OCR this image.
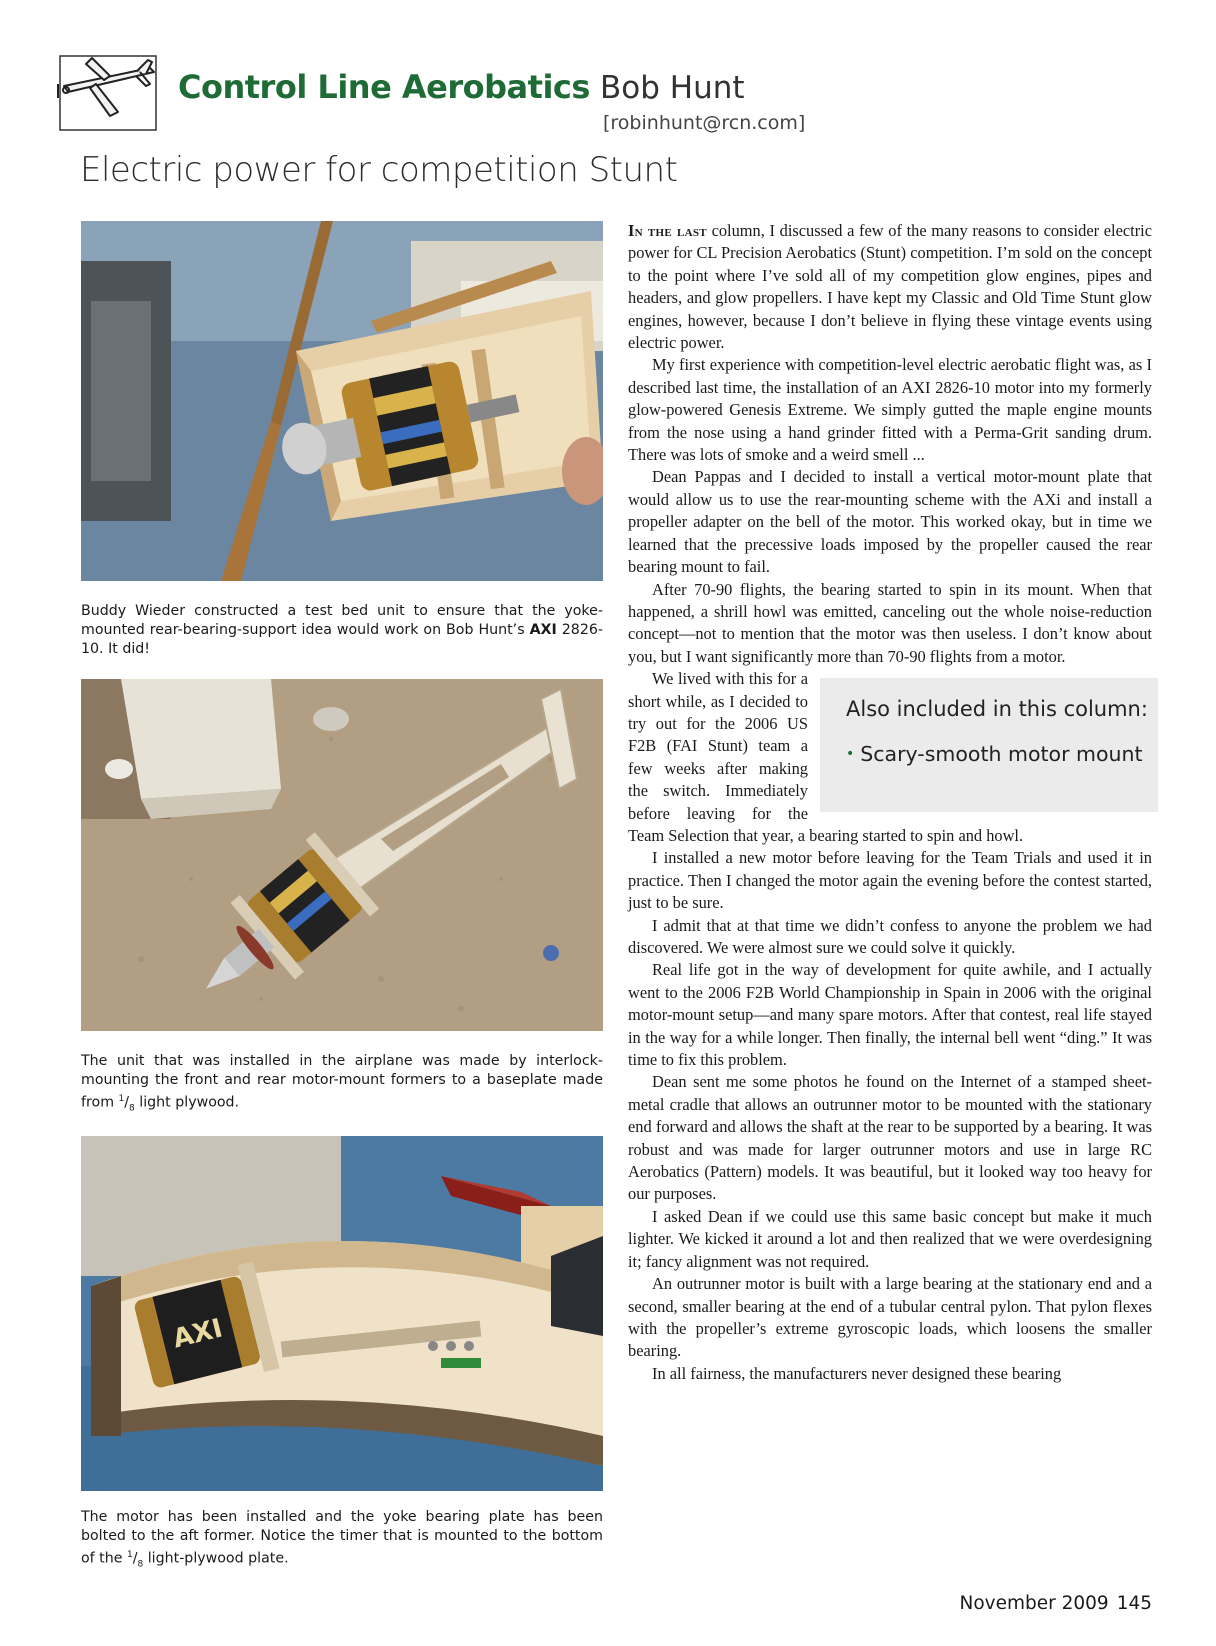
Control Line Aerobatics Bob Hunt
[robinhunt@rcn.com]
Electric power for competition Stunt
Buddy Wieder constructed a test bed unit to ensure that the yoke-mounted rear-bearing-support idea would work on Bob Hunt’s AXI 2826-10. It did!
The unit that was installed in the airplane was made by interlock-mounting the front and rear motor-mount formers to a baseplate made from $^1/_8$ light plywood.
AXI
The motor has been installed and the yoke bearing plate has been bolted to the aft former. Notice the timer that is mounted to the bottom of the $^1/_8$ light-plywood plate.

In the last column, I discussed a few of the many reasons to consider electric power for CL Precision Aerobatics (Stunt) competition. I’m sold on the concept to the point where I’ve sold all of my competition glow engines, pipes and headers, and glow propellers. I have kept my Classic and Old Time Stunt glow engines, however, because I don’t believe in flying these vintage events using electric power.

My first experience with competition-level electric aerobatic flight was, as I described last time, the installation of an AXI 2826-10 motor into my formerly glow-powered Genesis Extreme. We simply gutted the maple engine mounts from the nose using a hand grinder fitted with a Perma-Grit sanding drum. There was lots of smoke and a weird smell ...

Dean Pappas and I decided to install a vertical motor-mount plate that would allow us to use the rear-mounting scheme with the AXi and install a propeller adapter on the bell of the motor. This worked okay, but in time we learned that the precessive loads imposed by the propeller caused the rear bearing mount to fail.

After 70-90 flights, the bearing started to spin in its mount. When that happened, a shrill howl was emitted, canceling out the whole noise-reduction concept—not to mention that the motor was then useless. I don’t know about you, but I want significantly more than 70-90 flights from a motor.

Also included in this column:
• Scary-smooth motor mount
We lived with this for a short while, as I decided to try out for the 2006 US F2B (FAI Stunt) team a few weeks after making the switch. Immediately before leaving for the Team Selection that year, a bearing started to spin and howl.

I installed a new motor before leaving for the Team Trials and used it in practice. Then I changed the motor again the evening before the contest started, just to be sure.

I admit that at that time we didn’t confess to anyone the problem we had discovered. We were almost sure we could solve it quickly.

Real life got in the way of development for quite awhile, and I actually went to the 2006 F2B World Championship in Spain in 2006 with the original motor-mount setup—and many spare motors. After that contest, real life stayed in the way for a while longer. Then finally, the internal bell went “ding.” It was time to fix this problem.

Dean sent me some photos he found on the Internet of a stamped sheet-metal cradle that allows an outrunner motor to be mounted with the stationary end forward and allows the shaft at the rear to be supported by a bearing. It was robust and was made for larger outrunner motors and use in large RC Aerobatics (Pattern) models. It was beautiful, but it looked way too heavy for our purposes.

I asked Dean if we could use this same basic concept but make it much lighter. We kicked it around a lot and then realized that we were overdesigning it; fancy alignment was not required.

An outrunner motor is built with a large bearing at the stationary end and a second, smaller bearing at the end of a tubular central pylon. That pylon flexes with the propeller’s extreme gyroscopic loads, which loosens the smaller bearing.

In all fairness, the manufacturers never designed these bearing

November 2009 145
